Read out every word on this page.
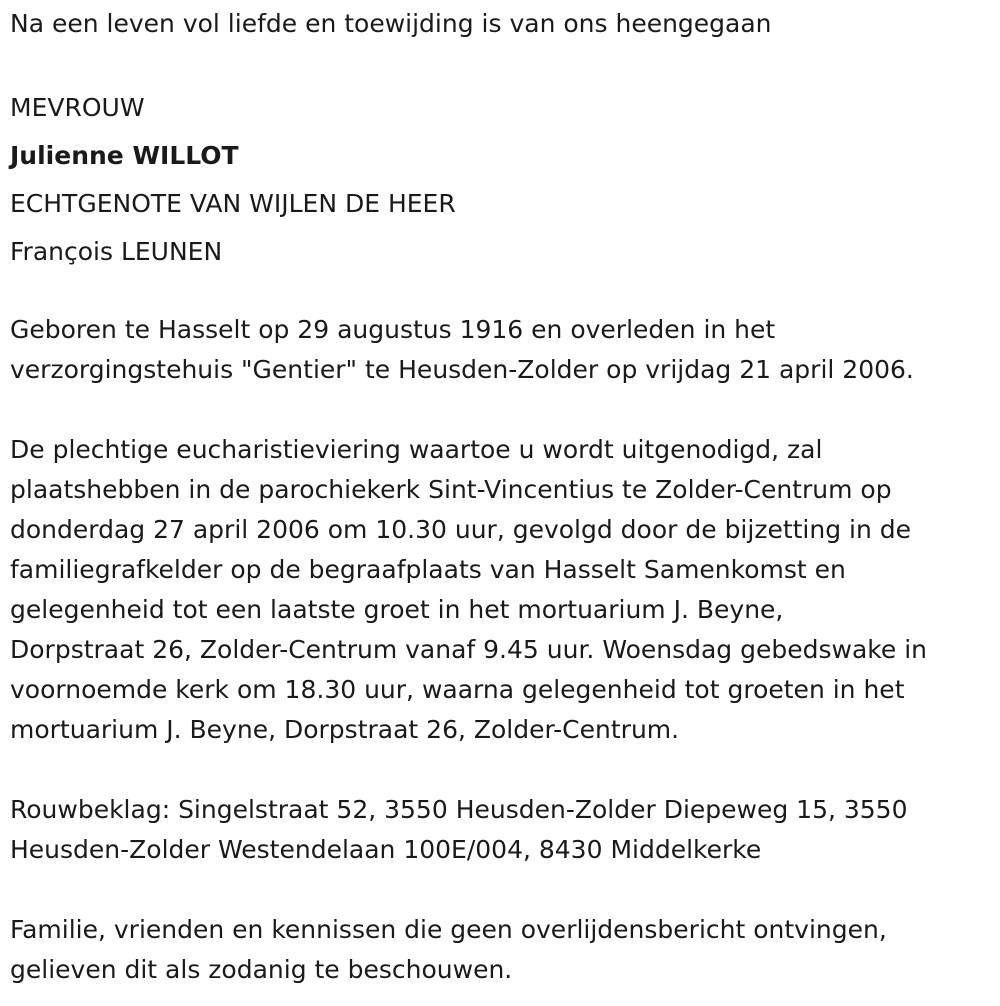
Na een leven vol liefde en toewijding is van ons heengegaan
MEVROUW
Julienne WILLOT
ECHTGENOTE VAN WIJLEN DE HEER
François LEUNEN
Geboren te Hasselt op 29 augustus 1916 en overleden in het
verzorgingstehuis "Gentier" te Heusden-Zolder op vrijdag 21 april 2006.
De plechtige eucharistieviering waartoe u wordt uitgenodigd, zal
plaatshebben in de parochiekerk Sint-Vincentius te Zolder-Centrum op
donderdag 27 april 2006 om 10.30 uur, gevolgd door de bijzetting in de
familiegrafkelder op de begraafplaats van Hasselt Samenkomst en
gelegenheid tot een laatste groet in het mortuarium J. Beyne,
Dorpstraat 26, Zolder-Centrum vanaf 9.45 uur. Woensdag gebedswake in
voornoemde kerk om 18.30 uur, waarna gelegenheid tot groeten in het
mortuarium J. Beyne, Dorpstraat 26, Zolder-Centrum.
Rouwbeklag: Singelstraat 52, 3550 Heusden-Zolder Diepeweg 15, 3550
Heusden-Zolder Westendelaan 100E/004, 8430 Middelkerke
Familie, vrienden en kennissen die geen overlijdensbericht ontvingen,
gelieven dit als zodanig te beschouwen.
